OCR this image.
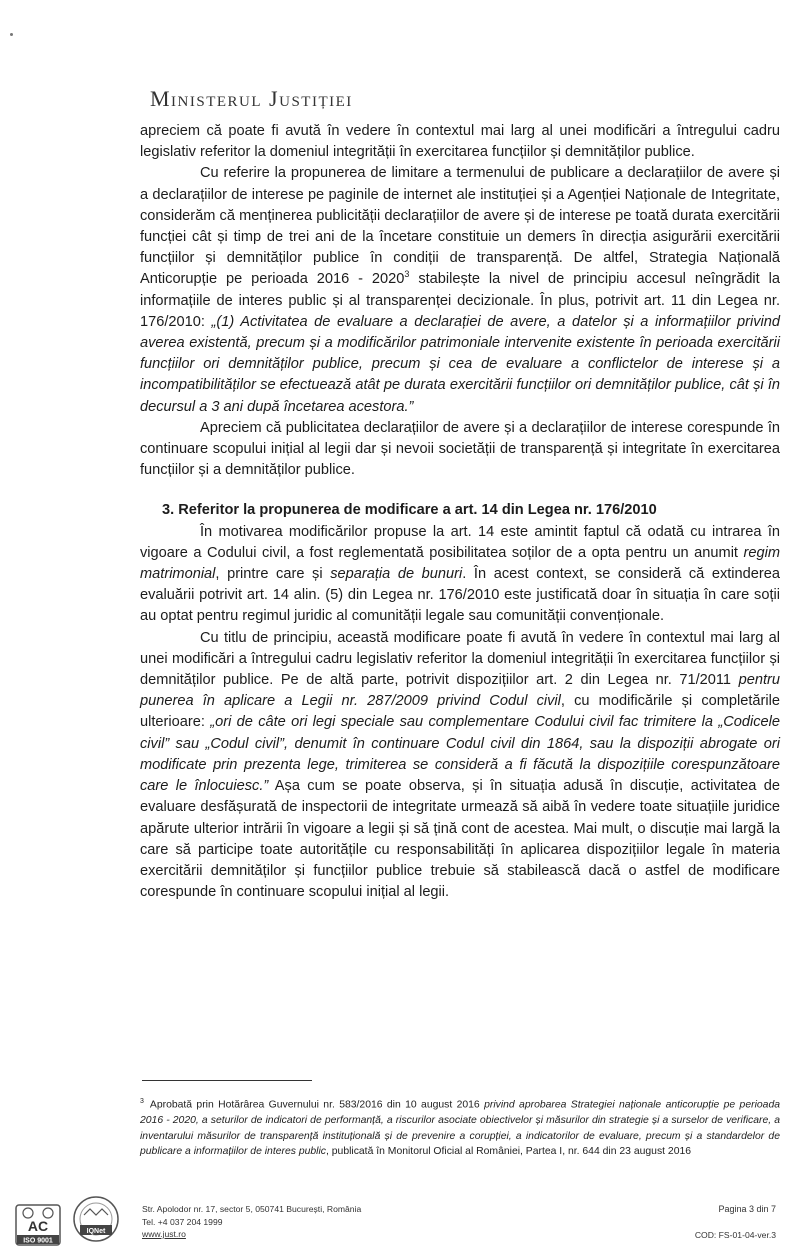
Ministerul Justiției

apreciem că poate fi avută în vedere în contextul mai larg al unei modificări a întregului cadru legislativ referitor la domeniul integrității în exercitarea funcțiilor și demnităților publice.

Cu referire la propunerea de limitare a termenului de publicare a declarațiilor de avere și a declarațiilor de interese pe paginile de internet ale instituției și a Agenției Naționale de Integritate, considerăm că menținerea publicității declarațiilor de avere și de interese pe toată durata exercitării funcției cât și timp de trei ani de la încetare constituie un demers în direcția asigurării exercitării funcțiilor și demnităților publice în condiții de transparență. De altfel, Strategia Națională Anticorupție pe perioada 2016 - 2020$^3$ stabilește la nivel de principiu accesul neîngrădit la informațiile de interes public și al transparenței decizionale. În plus, potrivit art. 11 din Legea nr. 176/2010: „(1) Activitatea de evaluare a declarației de avere, a datelor și a informațiilor privind averea existentă, precum și a modificărilor patrimoniale intervenite existente în perioada exercitării funcțiilor ori demnităților publice, precum și cea de evaluare a conflictelor de interese și a incompatibilităților se efectuează atât pe durata exercitării funcțiilor ori demnităților publice, cât și în decursul a 3 ani după încetarea acestora.”

Apreciem că publicitatea declarațiilor de avere și a declarațiilor de interese corespunde în continuare scopului inițial al legii dar și nevoii societății de transparență și integritate în exercitarea funcțiilor și a demnităților publice.

3. Referitor la propunerea de modificare a art. 14 din Legea nr. 176/2010

În motivarea modificărilor propuse la art. 14 este amintit faptul că odată cu intrarea în vigoare a Codului civil, a fost reglementată posibilitatea soților de a opta pentru un anumit regim matrimonial, printre care și separația de bunuri. În acest context, se consideră că extinderea evaluării potrivit art. 14 alin. (5) din Legea nr. 176/2010 este justificată doar în situația în care soții au optat pentru regimul juridic al comunității legale sau comunității convenționale.

Cu titlu de principiu, această modificare poate fi avută în vedere în contextul mai larg al unei modificări a întregului cadru legislativ referitor la domeniul integrității în exercitarea funcțiilor și demnităților publice. Pe de altă parte, potrivit dispozițiilor art. 2 din Legea nr. 71/2011 pentru punerea în aplicare a Legii nr. 287/2009 privind Codul civil, cu modificările și completările ulterioare: „ori de câte ori legi speciale sau complementare Codului civil fac trimitere la „Codicele civil” sau „Codul civil”, denumit în continuare Codul civil din 1864, sau la dispoziții abrogate ori modificate prin prezenta lege, trimiterea se consideră a fi făcută la dispozițiile corespunzătoare care le înlocuiesc.” Așa cum se poate observa, și în situația adusă în discuție, activitatea de evaluare desfășurată de inspectorii de integritate urmează să aibă în vedere toate situațiile juridice apărute ulterior intrării în vigoare a legii și să țină cont de acestea. Mai mult, o discuție mai largă la care să participe toate autoritățile cu responsabilități în aplicarea dispozițiilor legale în materia exercitării demnităților și funcțiilor publice trebuie să stabilească dacă o astfel de modificare corespunde în continuare scopului inițial al legii.

$^3$ Aprobată prin Hotărârea Guvernului nr. 583/2016 din 10 august 2016 privind aprobarea Strategiei naționale anticorupție pe perioada 2016 - 2020, a seturilor de indicatori de performanță, a riscurilor asociate obiectivelor și măsurilor din strategie și a surselor de verificare, a inventarului măsurilor de transparență instituțională și de prevenire a corupției, a indicatorilor de evaluare, precum și a standardelor de publicare a informațiilor de interes public, publicată în Monitorul Oficial al României, Partea I, nr. 644 din 23 august 2016
AC
ISO 9001
IQNet
Str. Apolodor nr. 17, sector 5, 050741 București, România
Tel. +4 037 204 1999
www.just.ro
Pagina 3 din 7
COD: FS-01-04-ver.3
